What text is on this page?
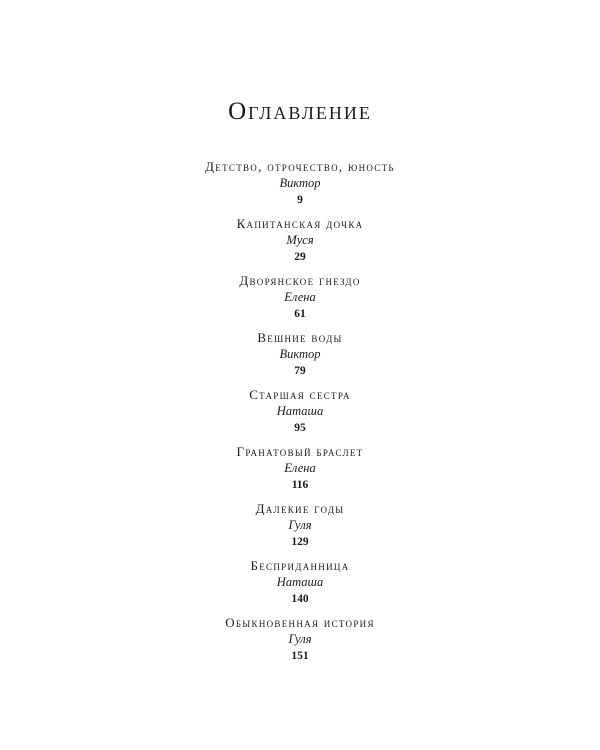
Оглавление
Детство, отрочество, юность
Виктор
9
Капитанская дочка
Муся
29
Дворянское гнездо
Елена
61
Вешние воды
Виктор
79
Старшая сестра
Наташа
95
Гранатовый браслет
Елена
116
Далекие годы
Гуля
129
Бесприданница
Наташа
140
Обыкновенная история
Гуля
151
